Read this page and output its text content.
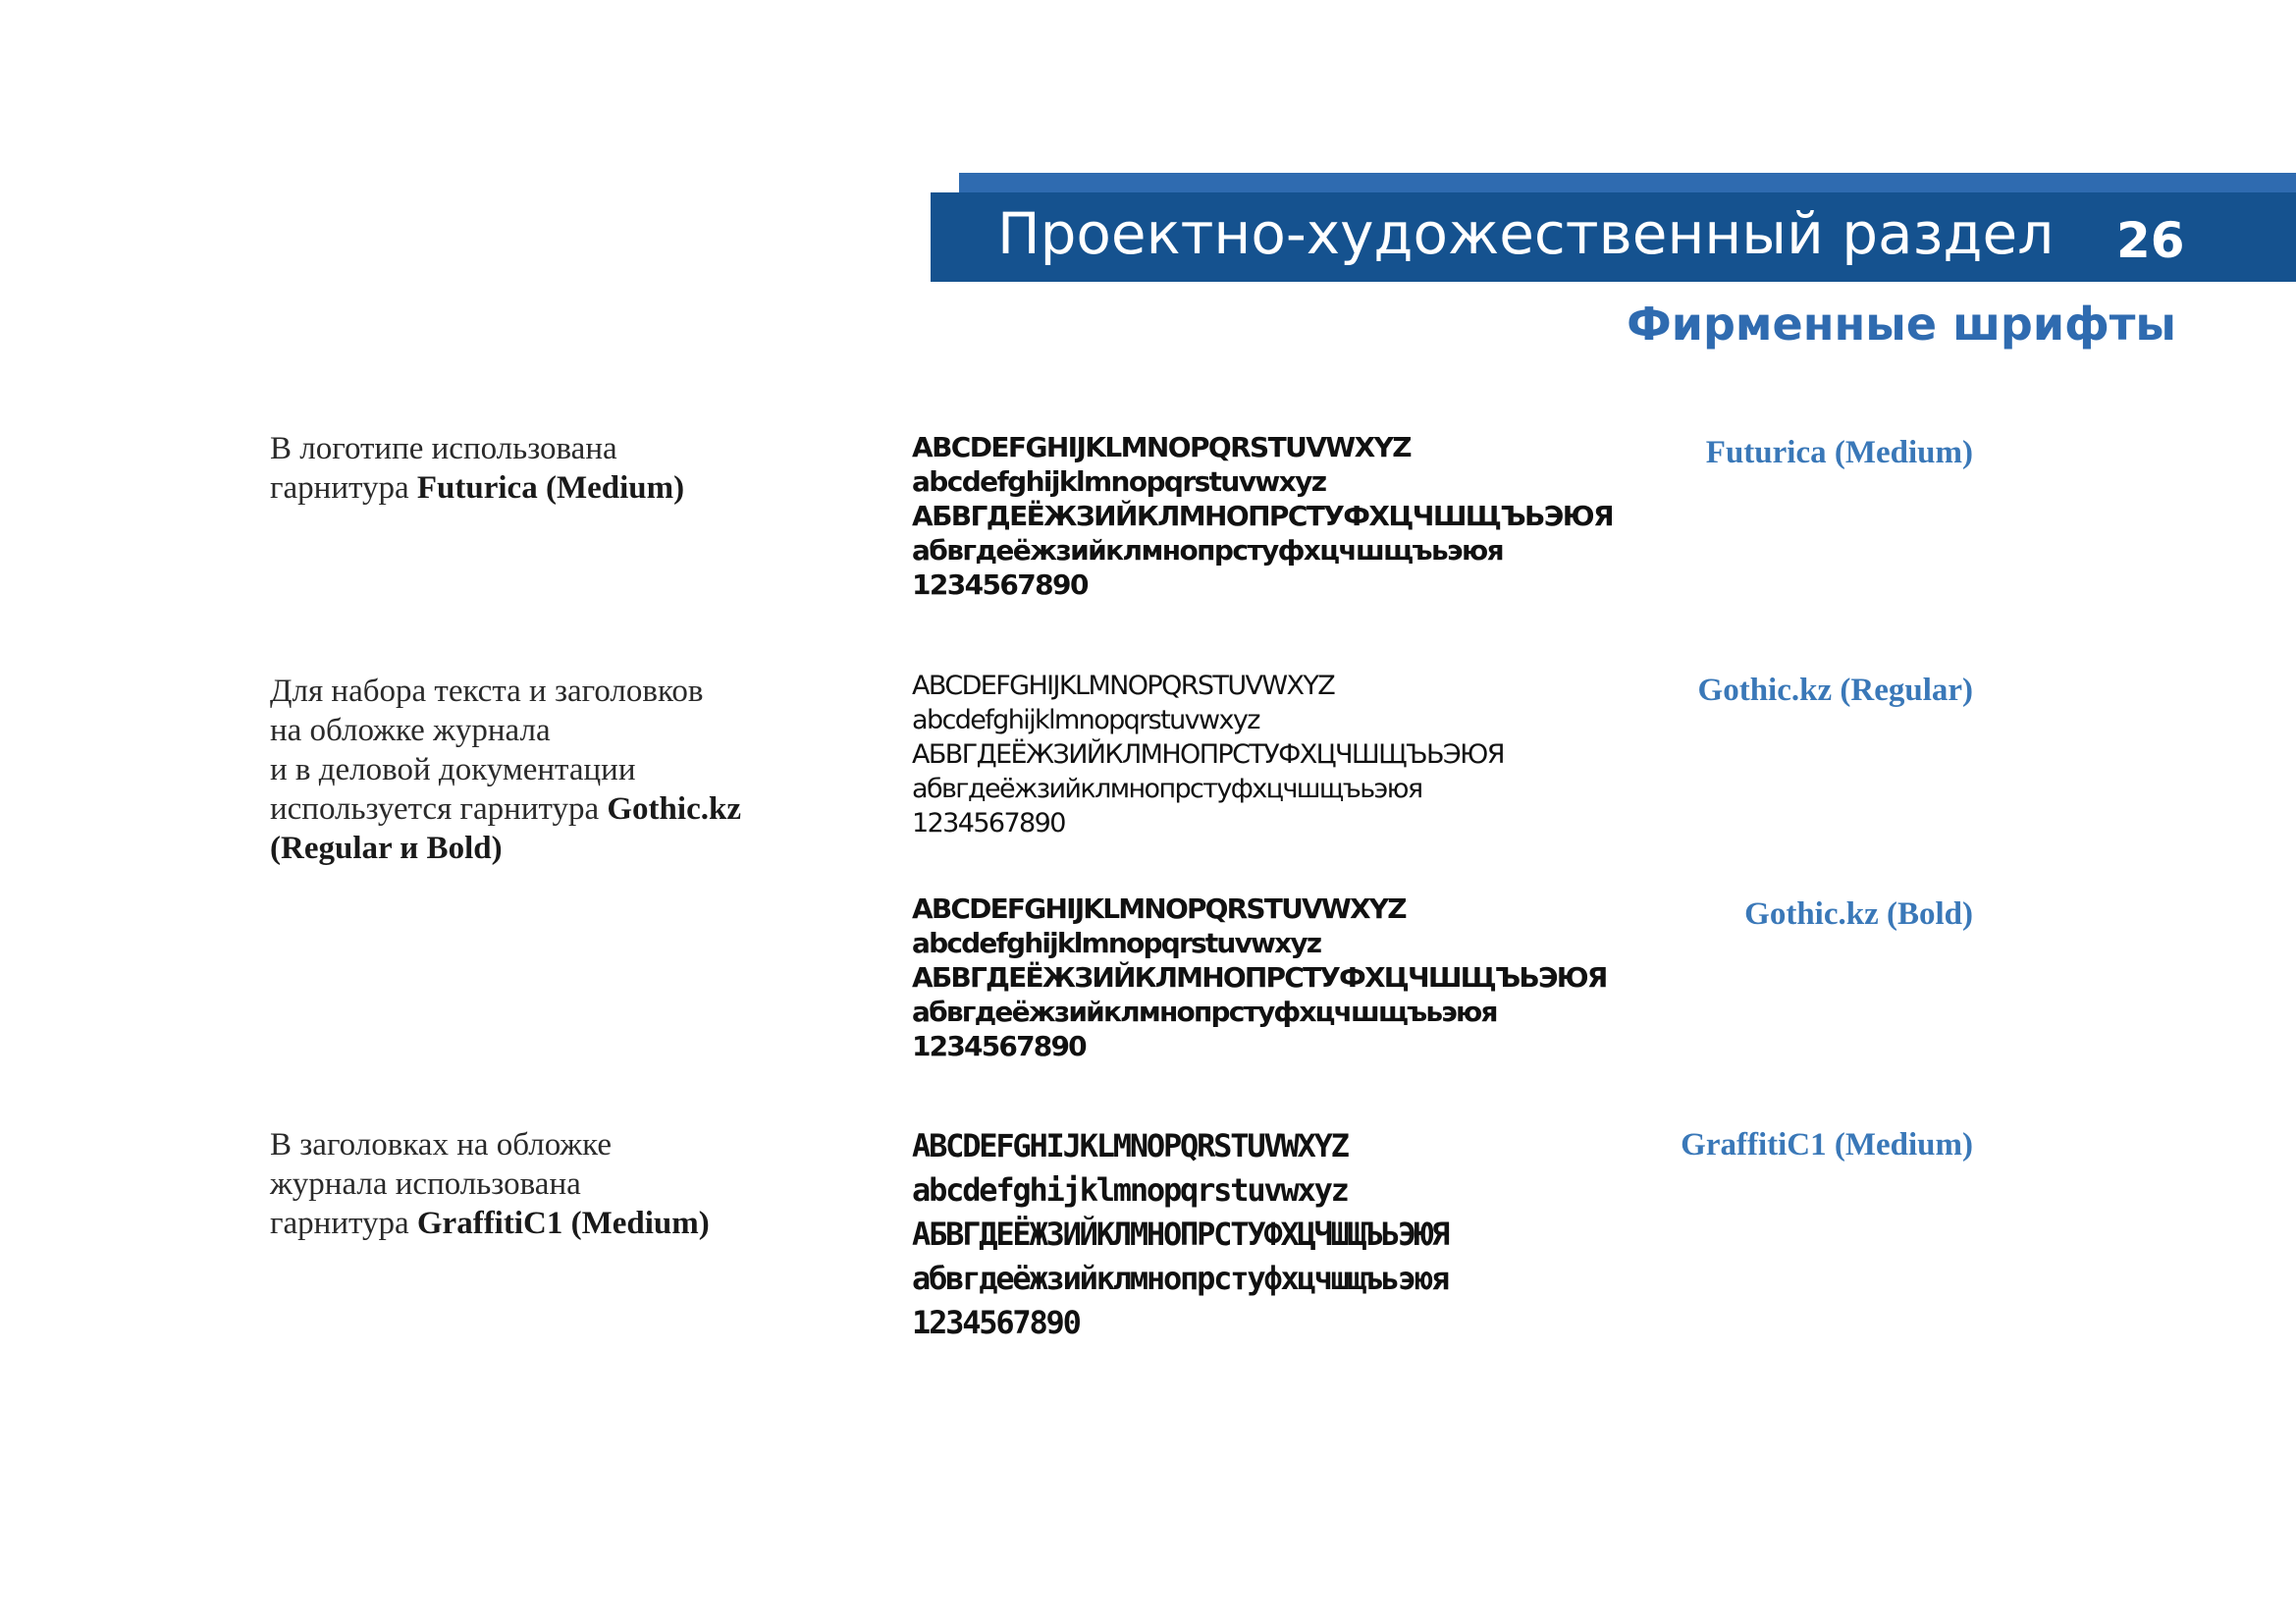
Проектно-художественный раздел 26
Фирменные шрифты
В логотипе использована
гарнитура Futurica (Medium)
ABCDEFGHIJKLMNOPQRSTUVWXYZ
abcdefghijklmnopqrstuvwxyz
АБВГДЕЁЖЗИЙКЛМНОПРСТУФХЦЧШЩЪЬЭЮЯ
абвгдеёжзийклмнопрстуфхцчшщъьэюя
1234567890
Futurica (Medium)
Для набора текста и заголовков
на обложке журнала
и в деловой документации
используется гарнитура Gothic.kz
(Regular и Bold)
ABCDEFGHIJKLMNOPQRSTUVWXYZ
abcdefghijklmnopqrstuvwxyz
АБВГДЕЁЖЗИЙКЛМНОПРСТУФХЦЧШЩЪЬЭЮЯ
абвгдеёжзийклмнопрстуфхцчшщъьэюя
1234567890
Gothic.kz (Regular)
ABCDEFGHIJKLMNOPQRSTUVWXYZ
abcdefghijklmnopqrstuvwxyz
АБВГДЕЁЖЗИЙКЛМНОПРСТУФХЦЧШЩЪЬЭЮЯ
абвгдеёжзийклмнопрстуфхцчшщъьэюя
1234567890
Gothic.kz (Bold)
В заголовках на обложке
журнала использована
гарнитура GraffitiC1 (Medium)
ABCDEFGHIJKLMNOPQRSTUVWXYZ
abcdefghijklmnopqrstuvwxyz
АБВГДЕЁЖЗИЙКЛМНОПРСТУФХЦЧШЩЪЬЭЮЯ
абвгдеёжзийклмнопрстуфхцчшщъьэюя
1234567890
GraffitiC1 (Medium)
